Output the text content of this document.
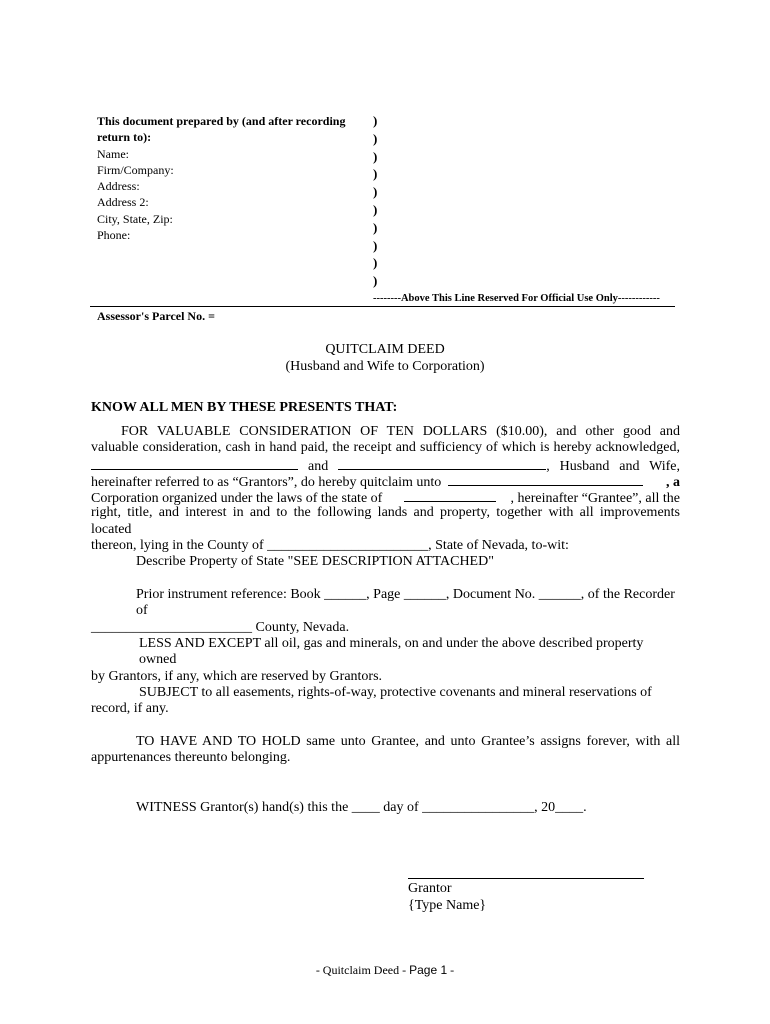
This document prepared by (and after recording
return to):
Name:
Firm/Company:
Address:
Address 2:
City, State, Zip:
Phone:
)
)
)
)
)
)
)
)
)
)
--------Above This Line Reserved For Official Use Only------------
Assessor's Parcel No. =
QUITCLAIM DEED
(Husband and Wife to Corporation)
KNOW ALL MEN BY THESE PRESENTS THAT:
FOR VALUABLE CONSIDERATION OF TEN DOLLARS ($10.00), and other good and
valuable consideration, cash in hand paid, the receipt and sufficiency of which is hereby acknowledged,
and	, Husband and Wife,
hereinafter referred to as “Grantors”, do hereby quitclaim unto	, a
Corporation organized under the laws of the state of	, hereinafter “Grantee”, all the
right, title, and interest in and to the following lands and property, together with all improvements located
thereon, lying in the County of _______________________, State of Nevada, to-wit:
Describe Property of State "SEE DESCRIPTION ATTACHED"
Prior instrument reference: Book ______, Page ______, Document No. ______, of the Recorder of
_______________________ County, Nevada.
LESS AND EXCEPT all oil, gas and minerals, on and under the above described property owned
by Grantors, if any, which are reserved by Grantors.
SUBJECT to all easements, rights-of-way, protective covenants and mineral reservations of
record, if any.
TO HAVE AND TO HOLD same unto Grantee, and unto Grantee’s assigns forever, with all
appurtenances thereunto belonging.
WITNESS Grantor(s) hand(s) this the ____ day of ________________, 20____.
Grantor
{Type Name}
- Quitclaim Deed - Page 1 -
